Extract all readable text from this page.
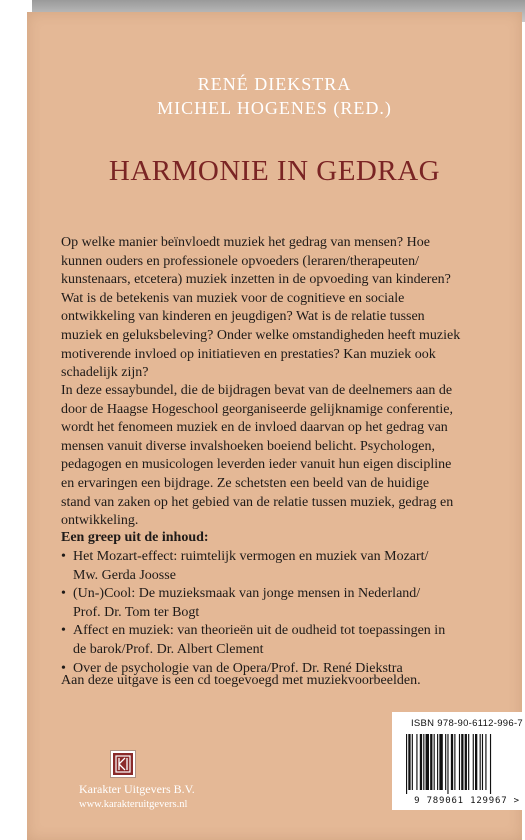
RENÉ DIEKSTRA
MICHEL HOGENES (RED.)
HARMONIE IN GEDRAG

Op welke manier beïnvloedt muziek het gedrag van mensen? Hoe

kunnen ouders en professionele opvoeders (leraren/therapeuten/

kunstenaars, etcetera) muziek inzetten in de opvoeding van kinderen?

Wat is de betekenis van muziek voor de cognitieve en sociale

ontwikkeling van kinderen en jeugdigen? Wat is de relatie tussen

muziek en geluksbeleving? Onder welke omstandigheden heeft muziek

motiverende invloed op initiatieven en prestaties? Kan muziek ook

schadelijk zijn?

In deze essaybundel, die de bijdragen bevat van de deelnemers aan de

door de Haagse Hogeschool georganiseerde gelijknamige conferentie,

wordt het fenomeen muziek en de invloed daarvan op het gedrag van

mensen vanuit diverse invalshoeken boeiend belicht. Psychologen,

pedagogen en musicologen leverden ieder vanuit hun eigen discipline

en ervaringen een bijdrage. Ze schetsten een beeld van de huidige

stand van zaken op het gebied van de relatie tussen muziek, gedrag en

ontwikkeling.

Een greep uit de inhoud:
• Het Mozart-effect: ruimtelijk vermogen en muziek van Mozart/
Mw. Gerda Joosse
• (Un-)Cool: De muzieksmaak van jonge mensen in Nederland/
Prof. Dr. Tom ter Bogt
• Affect en muziek: van theorieën uit de oudheid tot toepassingen in
de barok/Prof. Dr. Albert Clement
• Over de psychologie van de Opera/Prof. Dr. René Diekstra
Aan deze uitgave is een cd toegevoegd met muziekvoorbeelden.
Karakter Uitgevers B.V.
www.karakteruitgevers.nl
ISBN 978-90-6112-996-7
9 789061 129967 >
